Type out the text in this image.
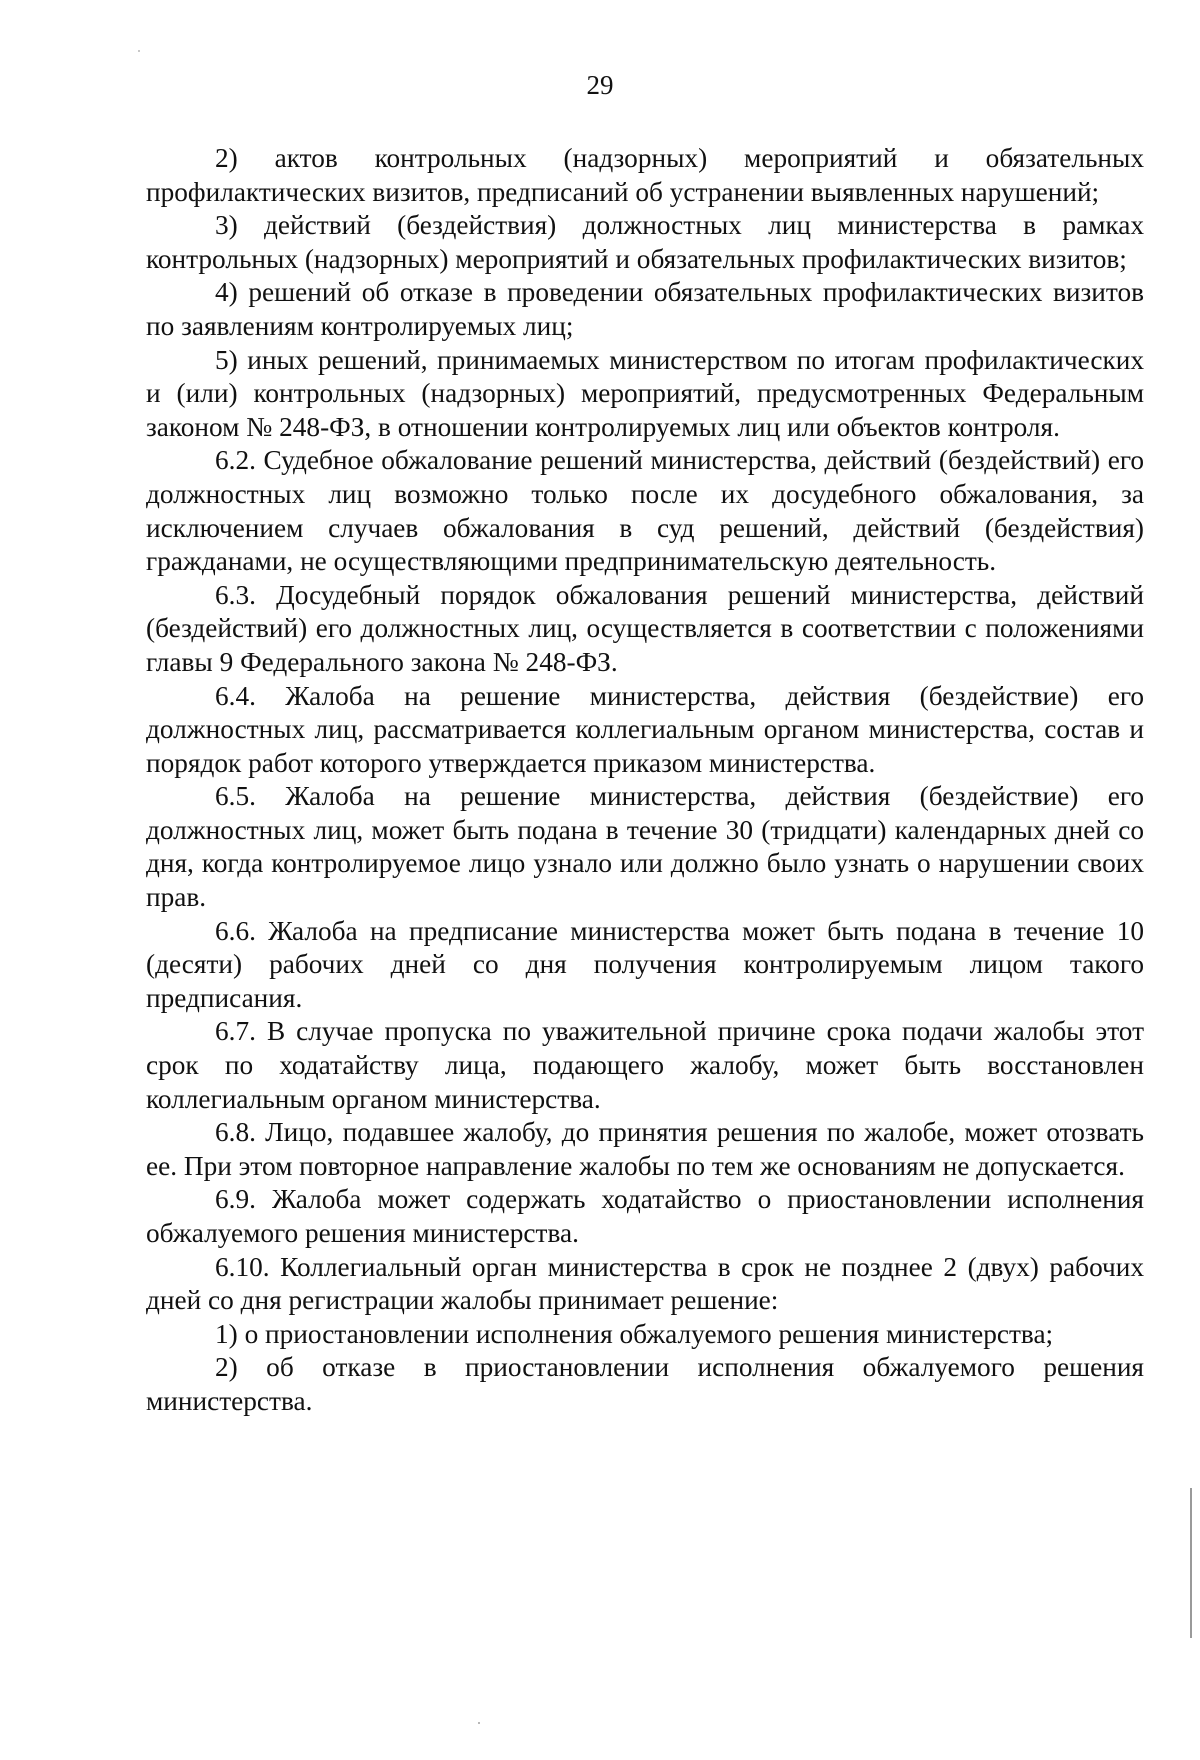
29

2) актов контрольных (надзорных) мероприятий и обязательных профилактических визитов, предписаний об устранении выявленных нарушений;

3) действий (бездействия) должностных лиц министерства в рамках контрольных (надзорных) мероприятий и обязательных профилактических визитов;

4) решений об отказе в проведении обязательных профилактических визитов по заявлениям контролируемых лиц;

5) иных решений, принимаемых министерством по итогам профилактических и (или) контрольных (надзорных) мероприятий, предусмотренных Федеральным законом № 248-ФЗ, в отношении контролируемых лиц или объектов контроля.

6.2. Судебное обжалование решений министерства, действий (бездействий) его должностных лиц возможно только после их досудебного обжалования, за исключением случаев обжалования в суд решений, действий (бездействия) гражданами, не осуществляющими предпринимательскую деятельность.

6.3. Досудебный порядок обжалования решений министерства, действий (бездействий) его должностных лиц, осуществляется в соответствии с положениями главы 9 Федерального закона № 248-ФЗ.

6.4. Жалоба на решение министерства, действия (бездействие) его должностных лиц, рассматривается коллегиальным органом министерства, состав и порядок работ которого утверждается приказом министерства.

6.5. Жалоба на решение министерства, действия (бездействие) его должностных лиц, может быть подана в течение 30 (тридцати) календарных дней со дня, когда контролируемое лицо узнало или должно было узнать о нарушении своих прав.

6.6. Жалоба на предписание министерства может быть подана в течение 10 (десяти) рабочих дней со дня получения контролируемым лицом такого предписания.

6.7. В случае пропуска по уважительной причине срока подачи жалобы этот срок по ходатайству лица, подающего жалобу, может быть восстановлен коллегиальным органом министерства.

6.8. Лицо, подавшее жалобу, до принятия решения по жалобе, может отозвать ее. При этом повторное направление жалобы по тем же основаниям не допускается.

6.9. Жалоба может содержать ходатайство о приостановлении исполнения обжалуемого решения министерства.

6.10. Коллегиальный орган министерства в срок не позднее 2 (двух) рабочих дней со дня регистрации жалобы принимает решение:

1) о приостановлении исполнения обжалуемого решения министерства;

2) об отказе в приостановлении исполнения обжалуемого решения министерства.
